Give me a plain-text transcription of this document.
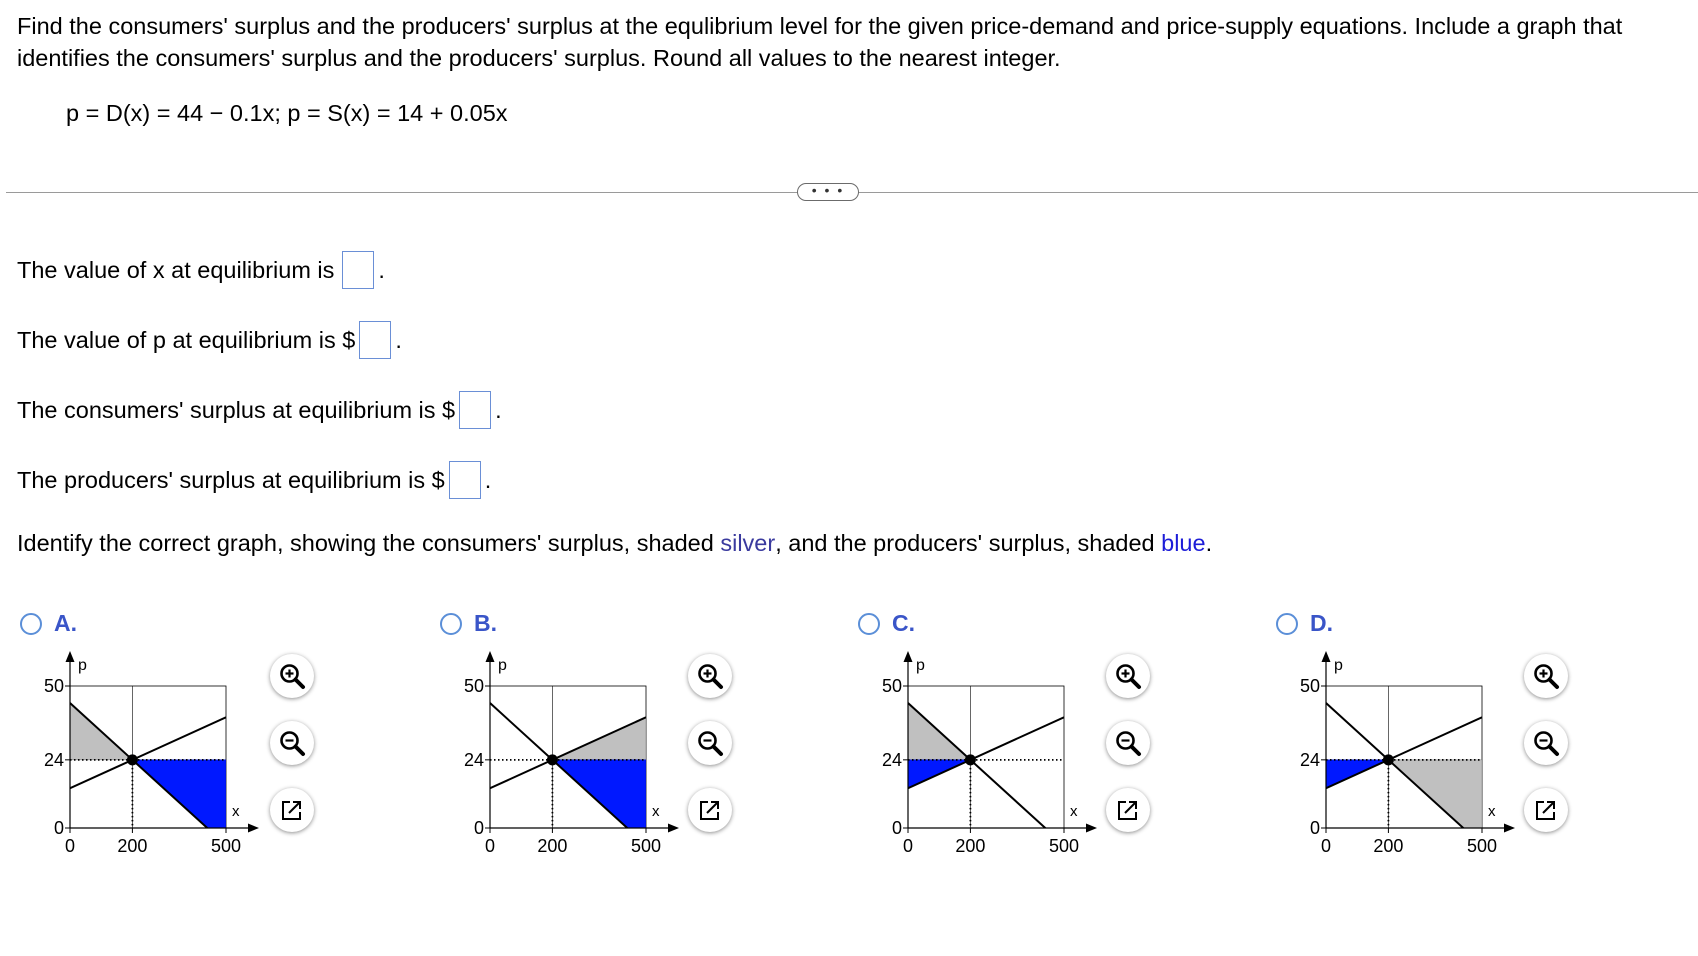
Find the consumers' surplus and the producers' surplus at the equlibrium level for the given price-demand and price-supply equations. Include a graph that identifies the consumers' surplus and the producers' surplus. Round all values to the nearest integer.
p = D(x) = 44 − 0.1x; p = S(x) = 14 + 0.05x
• • •
The value of x at equilibrium is .
The value of p at equilibrium is $ .
The consumers' surplus at equilibrium is $ .
The producers' surplus at equilibrium is $ .
Identify the correct graph, showing the consumers' surplus, shaded silver , and the producers' surplus, shaded blue .
A.
p
x
50
24
0
0 200	500
B.
p
x
50
24
0
0 200	500
C.
p
x
50
24
0
0 200	500
D.
p
x
50
24
0
0 200	500
